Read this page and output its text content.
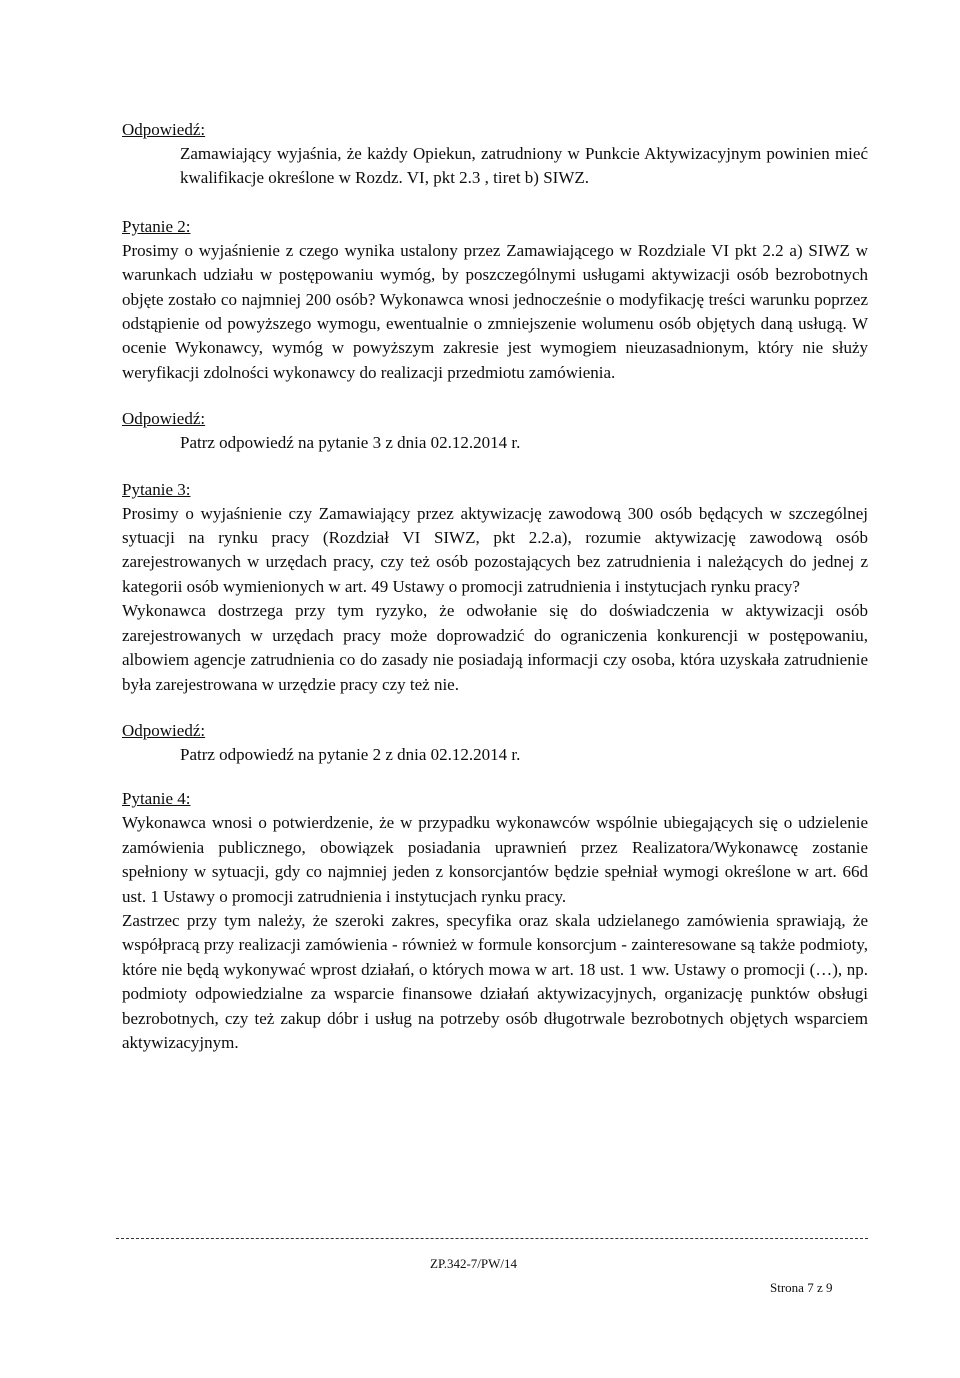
Odpowiedź:

Zamawiający wyjaśnia, że każdy Opiekun, zatrudniony w Punkcie Aktywizacyjnym powinien mieć kwalifikacje określone w Rozdz. VI, pkt 2.3 , tiret b) SIWZ.

Pytanie 2:

Prosimy o wyjaśnienie z czego wynika ustalony przez Zamawiającego w Rozdziale VI pkt 2.2 a) SIWZ w warunkach udziału w postępowaniu wymóg, by poszczególnymi usługami aktywizacji osób bezrobotnych objęte zostało co najmniej 200 osób? Wykonawca wnosi jednocześnie o modyfikację treści warunku poprzez odstąpienie od powyższego wymogu, ewentualnie o zmniejszenie wolumenu osób objętych daną usługą. W ocenie Wykonawcy, wymóg w powyższym zakresie jest wymogiem nieuzasadnionym, który nie służy weryfikacji zdolności wykonawcy do realizacji przedmiotu zamówienia.

Odpowiedź:

Patrz odpowiedź na pytanie 3 z dnia 02.12.2014 r.

Pytanie 3:

Prosimy o wyjaśnienie czy Zamawiający przez aktywizację zawodową 300 osób będących w szczególnej sytuacji na rynku pracy (Rozdział VI SIWZ, pkt 2.2.a), rozumie aktywizację zawodową osób zarejestrowanych w urzędach pracy, czy też osób pozostających bez zatrudnienia i należących do jednej z kategorii osób wymienionych w art. 49 Ustawy o promocji zatrudnienia i instytucjach rynku pracy?

Wykonawca dostrzega przy tym ryzyko, że odwołanie się do doświadczenia w aktywizacji osób zarejestrowanych w urzędach pracy może doprowadzić do ograniczenia konkurencji w postępowaniu, albowiem agencje zatrudnienia co do zasady nie posiadają informacji czy osoba, która uzyskała zatrudnienie była zarejestrowana w urzędzie pracy czy też nie.

Odpowiedź:

Patrz odpowiedź na pytanie 2 z dnia 02.12.2014 r.

Pytanie 4:

Wykonawca wnosi o potwierdzenie, że w przypadku wykonawców wspólnie ubiegających się o udzielenie zamówienia publicznego, obowiązek posiadania uprawnień przez Realizatora/Wykonawcę zostanie spełniony w sytuacji, gdy co najmniej jeden z konsorcjantów będzie spełniał wymogi określone w art. 66d ust. 1 Ustawy o promocji zatrudnienia i instytucjach rynku pracy.

Zastrzec przy tym należy, że szeroki zakres, specyfika oraz skala udzielanego zamówienia sprawiają, że współpracą przy realizacji zamówienia - również w formule konsorcjum - zainteresowane są także podmioty, które nie będą wykonywać wprost działań, o których mowa w art. 18 ust. 1 ww. Ustawy o promocji (…), np. podmioty odpowiedzialne za wsparcie finansowe działań aktywizacyjnych, organizację punktów obsługi bezrobotnych, czy też zakup dóbr i usług na potrzeby osób długotrwale bezrobotnych objętych wsparciem aktywizacyjnym.

ZP.342-7/PW/14
Strona 7 z 9
